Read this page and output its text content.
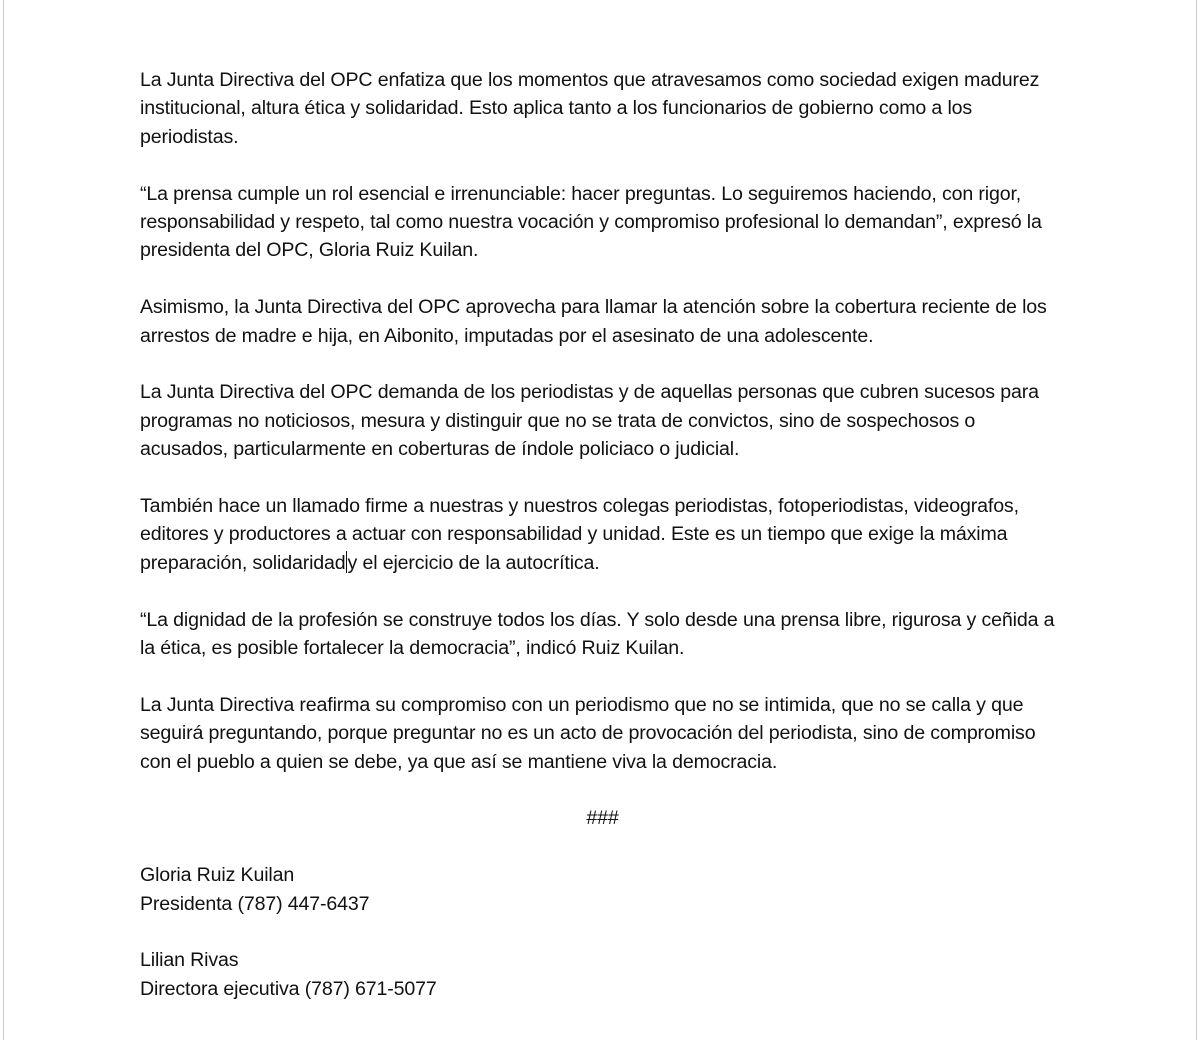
La Junta Directiva del OPC enfatiza que los momentos que atravesamos como sociedad exigen madurez institucional, altura ética y solidaridad. Esto aplica tanto a los funcionarios de gobierno como a los periodistas.

“La prensa cumple un rol esencial e irrenunciable: hacer preguntas. Lo seguiremos haciendo, con rigor, responsabilidad y respeto, tal como nuestra vocación y compromiso profesional lo demandan”, expresó la presidenta del OPC, Gloria Ruiz Kuilan.

Asimismo, la Junta Directiva del OPC aprovecha para llamar la atención sobre la cobertura reciente de los arrestos de madre e hija, en Aibonito, imputadas por el asesinato de una adolescente.

La Junta Directiva del OPC demanda de los periodistas y de aquellas personas que cubren sucesos para programas no noticiosos, mesura y distinguir que no se trata de convictos, sino de sospechosos o acusados, particularmente en coberturas de índole policiaco o judicial.

También hace un llamado firme a nuestras y nuestros colegas periodistas, fotoperiodistas, videografos, editores y productores a actuar con responsabilidad y unidad. Este es un tiempo que exige la máxima preparación, solidaridad y el ejercicio de la autocrítica.

“La dignidad de la profesión se construye todos los días. Y solo desde una prensa libre, rigurosa y ceñida a la ética, es posible fortalecer la democracia”, indicó Ruiz Kuilan.

La Junta Directiva reafirma su compromiso con un periodismo que no se intimida, que no se calla y que seguirá preguntando, porque preguntar no es un acto de provocación del periodista, sino de compromiso con el pueblo a quien se debe, ya que así se mantiene viva la democracia.

###

Gloria Ruiz Kuilan
Presidenta (787) 447-6437
Lilian Rivas
Directora ejecutiva (787) 671-5077
